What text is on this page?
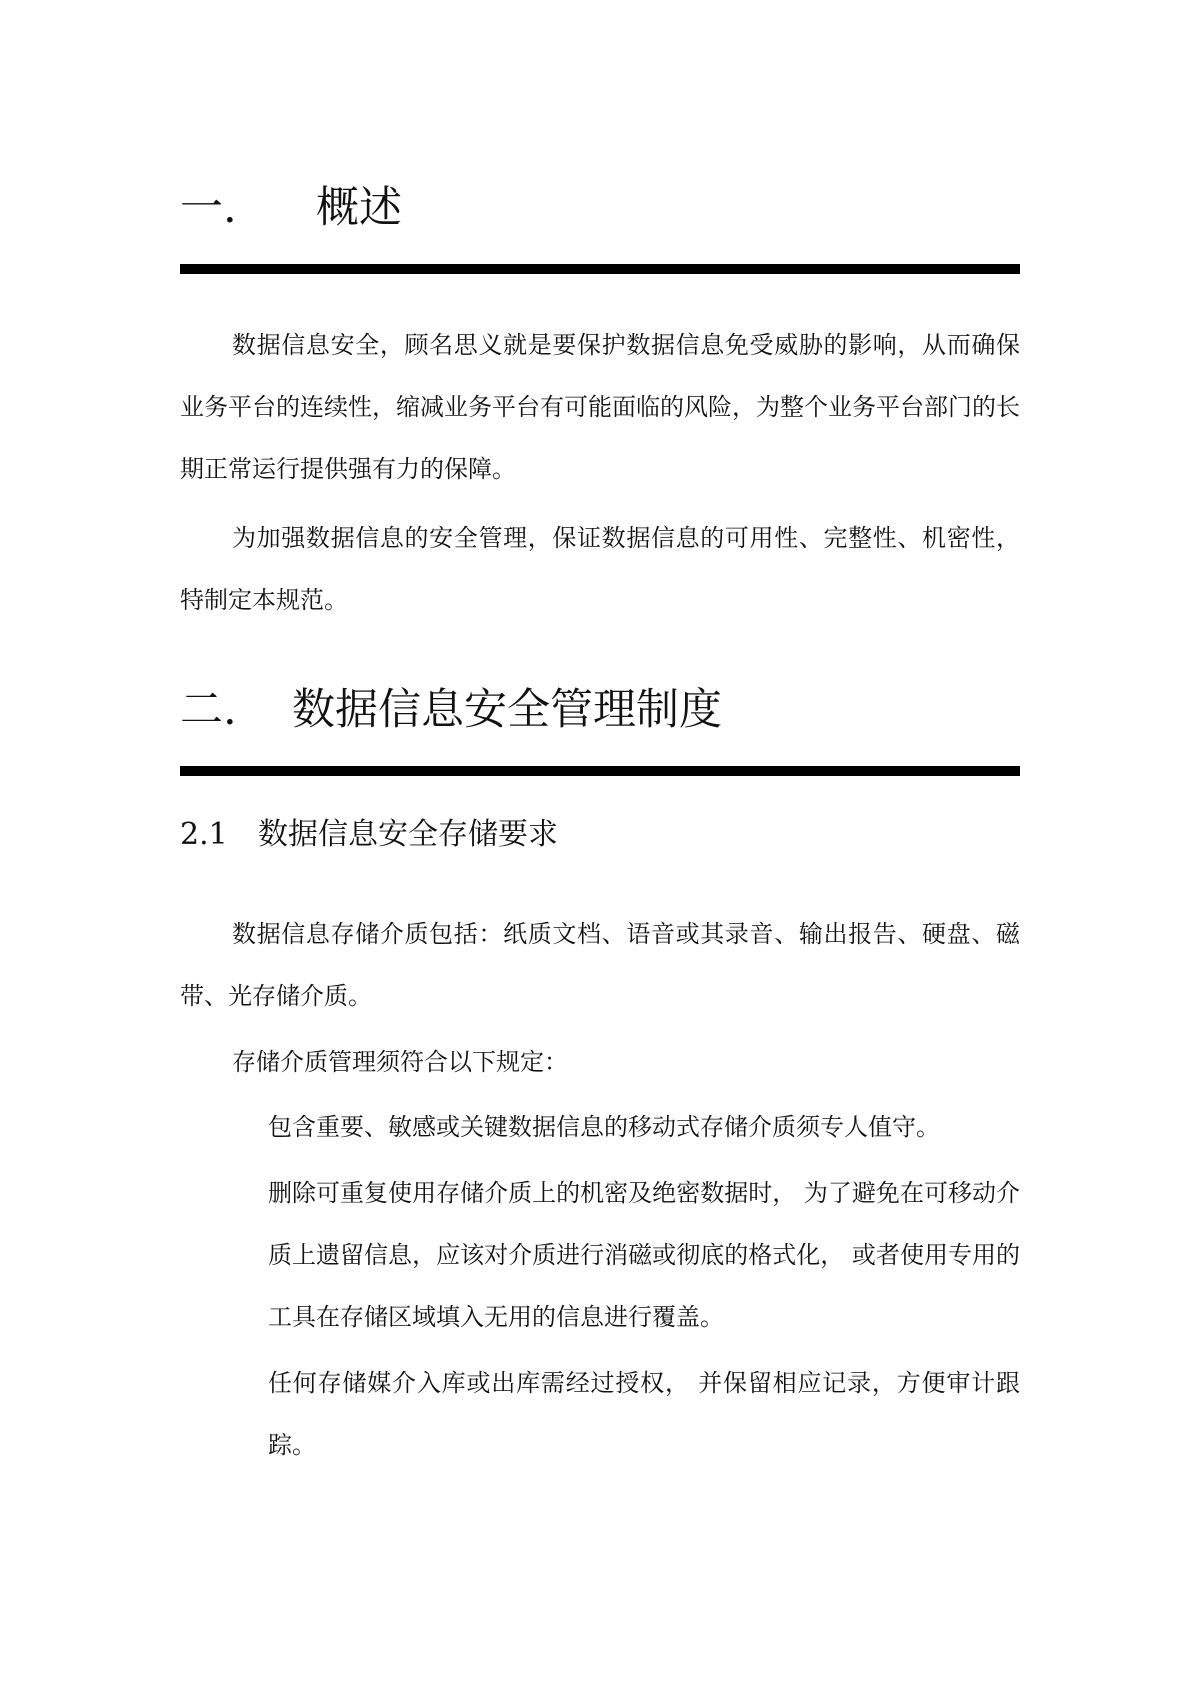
一. 概述

数据信息安全，顾名思义就是要保护数据信息免受威胁的影响，从而确保业务平台的连续性，缩减业务平台有可能面临的风险，为整个业务平台部门的长期正常运行提供强有力的保障。

为加强数据信息的安全管理，保证数据信息的可用性、完整性、机密性，特制定本规范。

二. 数据信息安全管理制度
2.1 数据信息安全存储要求

数据信息存储介质包括：纸质文档、语音或其录音、输出报告、硬盘、磁带、光存储介质。

存储介质管理须符合以下规定：

包含重要、敏感或关键数据信息的移动式存储介质须专人值守。

删除可重复使用存储介质上的机密及绝密数据时， 为了避免在可移动介质上遗留信息，应该对介质进行消磁或彻底的格式化， 或者使用专用的工具在存储区域填入无用的信息进行覆盖。

任何存储媒介入库或出库需经过授权， 并保留相应记录，方便审计跟踪。
